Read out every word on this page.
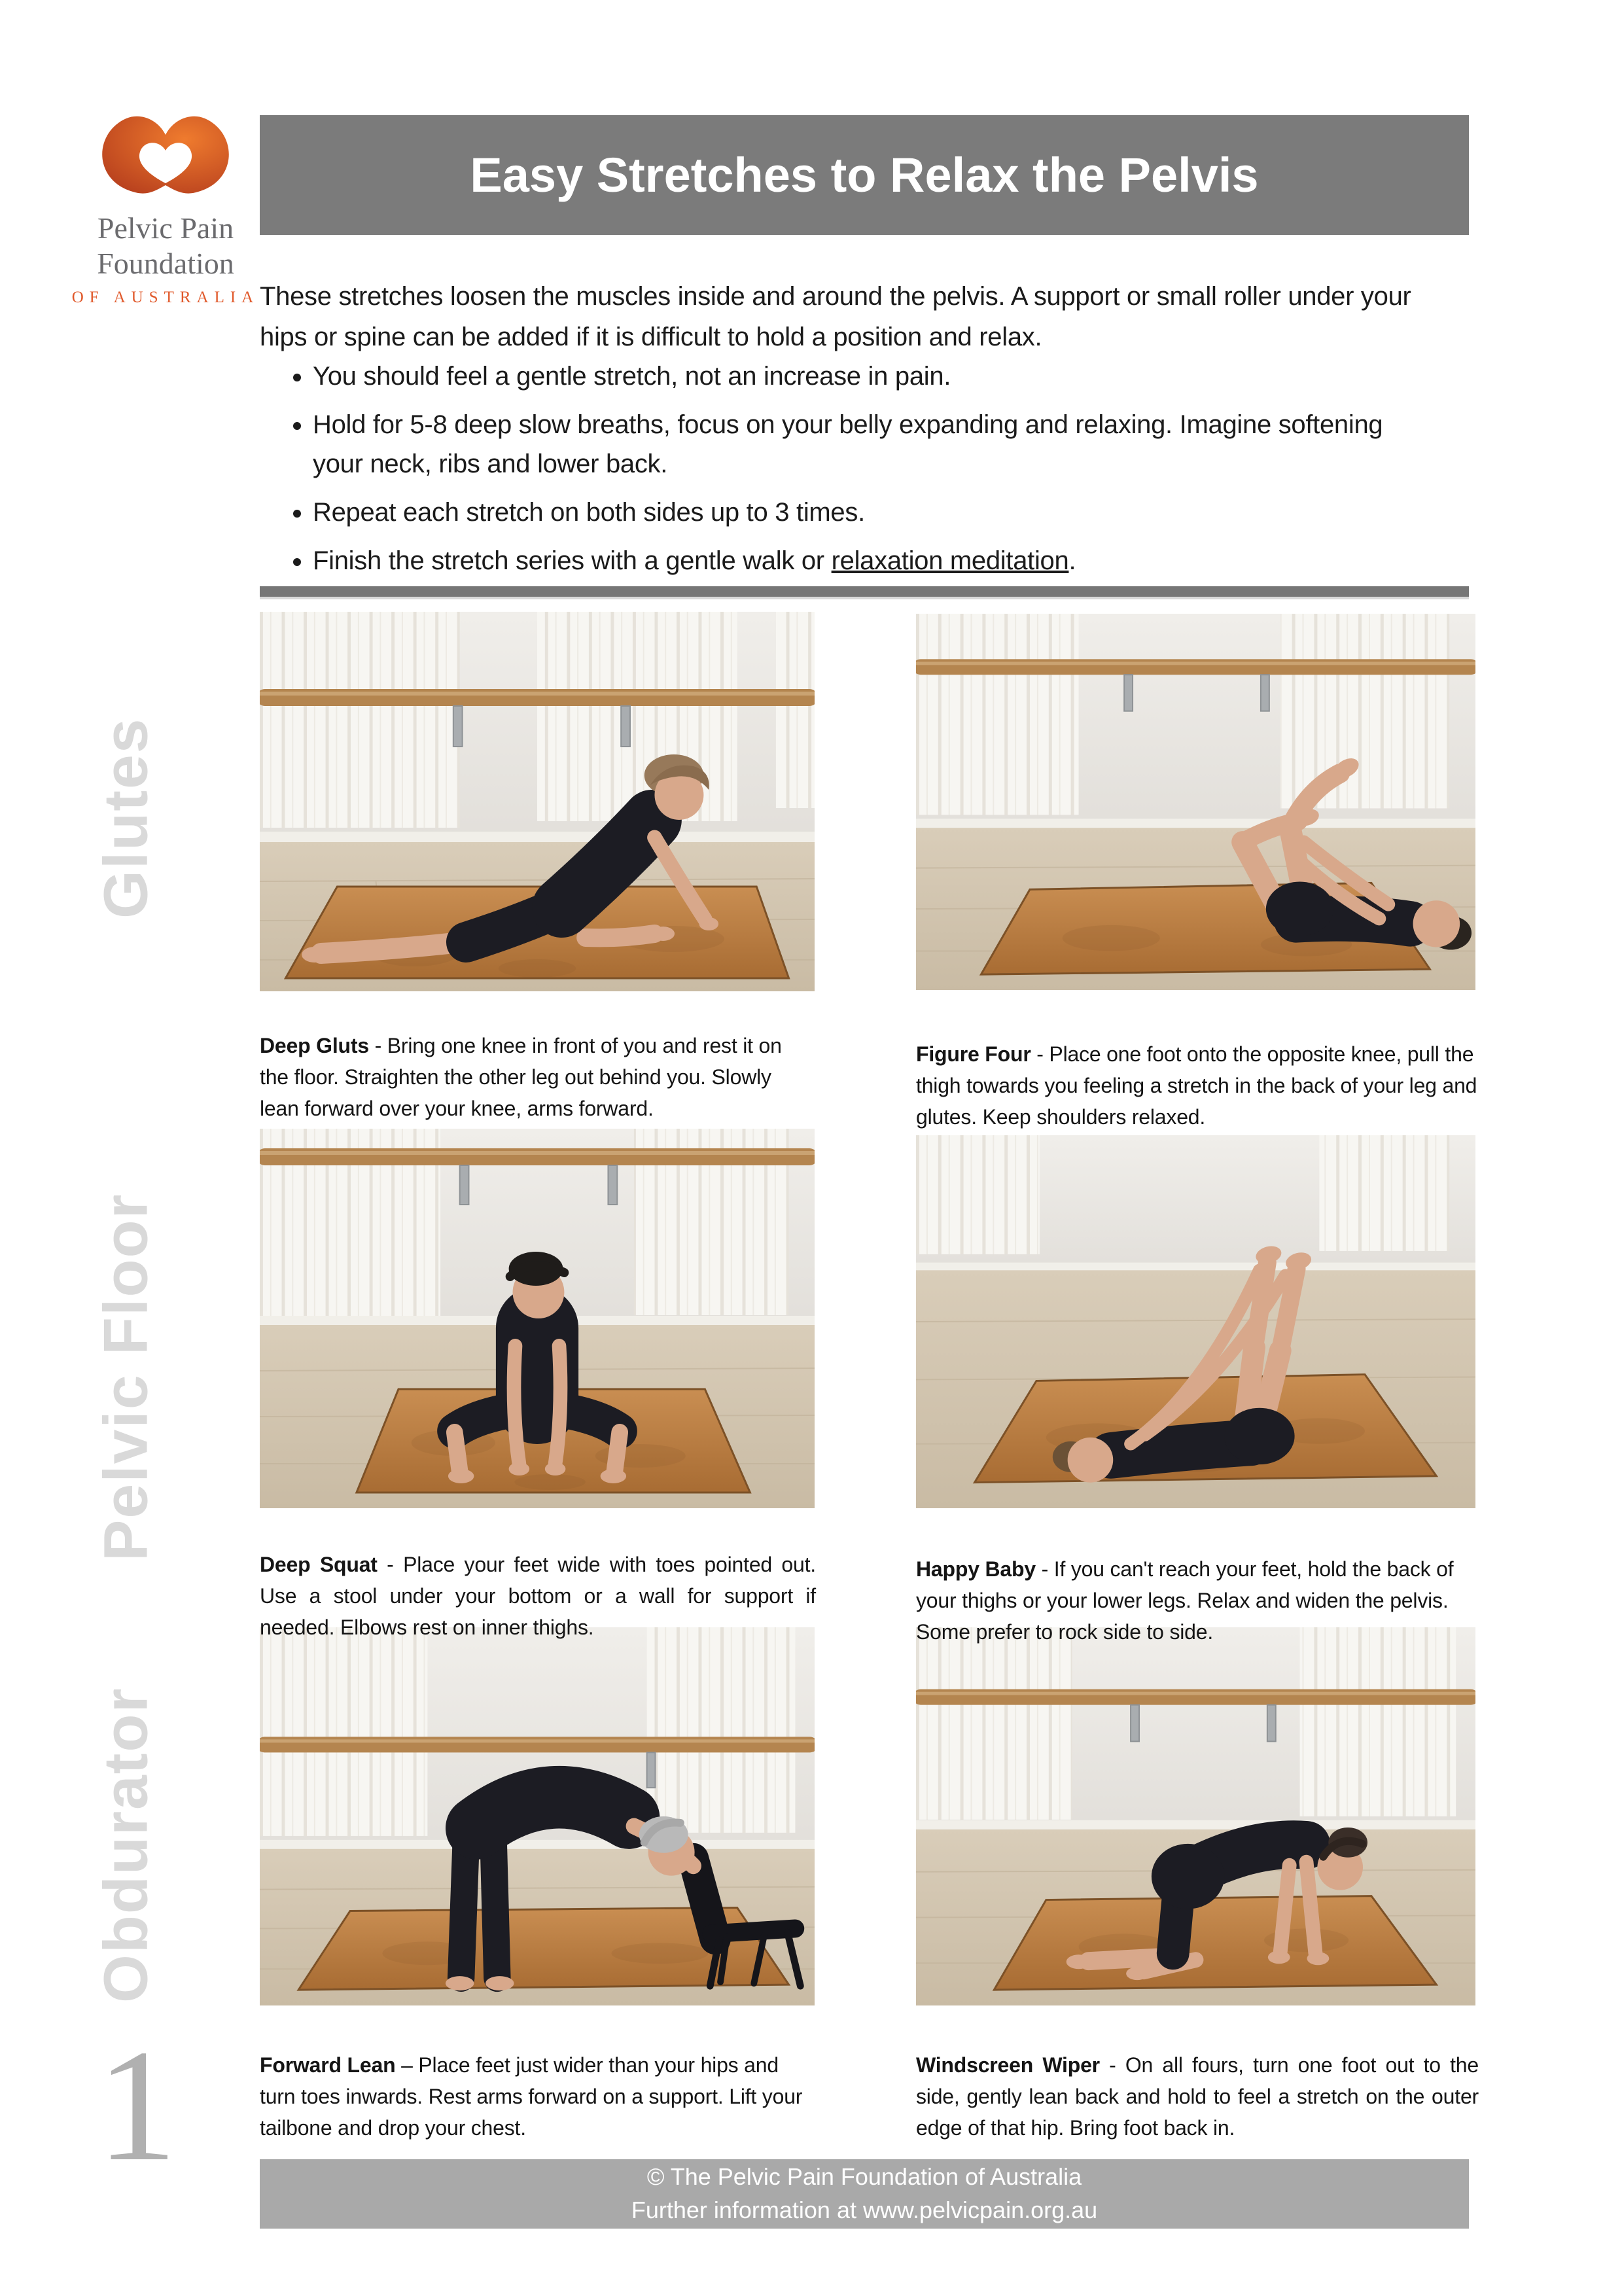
Pelvic Pain
Foundation
OF AUSTRALIA
Easy Stretches to Relax the Pelvis

These stretches loosen the muscles inside and around the pelvis. A support or small roller under your hips or spine can be added if it is difficult to hold a position and relax.

• You should feel a gentle stretch, not an increase in pain.
• Hold for 5-8 deep slow breaths, focus on your belly expanding and relaxing. Imagine softening your neck, ribs and lower back.
• Repeat each stretch on both sides up to 3 times.
• Finish the stretch series with a gentle walk or relaxation meditation.

Deep Gluts - Bring one knee in front of you and rest it on the floor. Straighten the other leg out behind you. Slowly lean forward over your knee, arms forward.

Figure Four - Place one foot onto the opposite knee, pull the thigh towards you feeling a stretch in the back of your leg and glutes. Keep shoulders relaxed.

Deep Squat - Place your feet wide with toes pointed out. Use a stool under your bottom or a wall for support if needed. Elbows rest on inner thighs.

Happy Baby - If you can't reach your feet, hold the back of your thighs or your lower legs. Relax and widen the pelvis. Some prefer to rock side to side.

Forward Lean – Place feet just wider than your hips and turn toes inwards. Rest arms forward on a support. Lift your tailbone and drop your chest.

Windscreen Wiper - On all fours, turn one foot out to the side, gently lean back and hold to feel a stretch on the outer edge of that hip. Bring foot back in.

Glutes
Pelvic Floor
Obdurator
1	© The Pelvic Pain Foundation of Australia
Further information at www.pelvicpain.org.au
